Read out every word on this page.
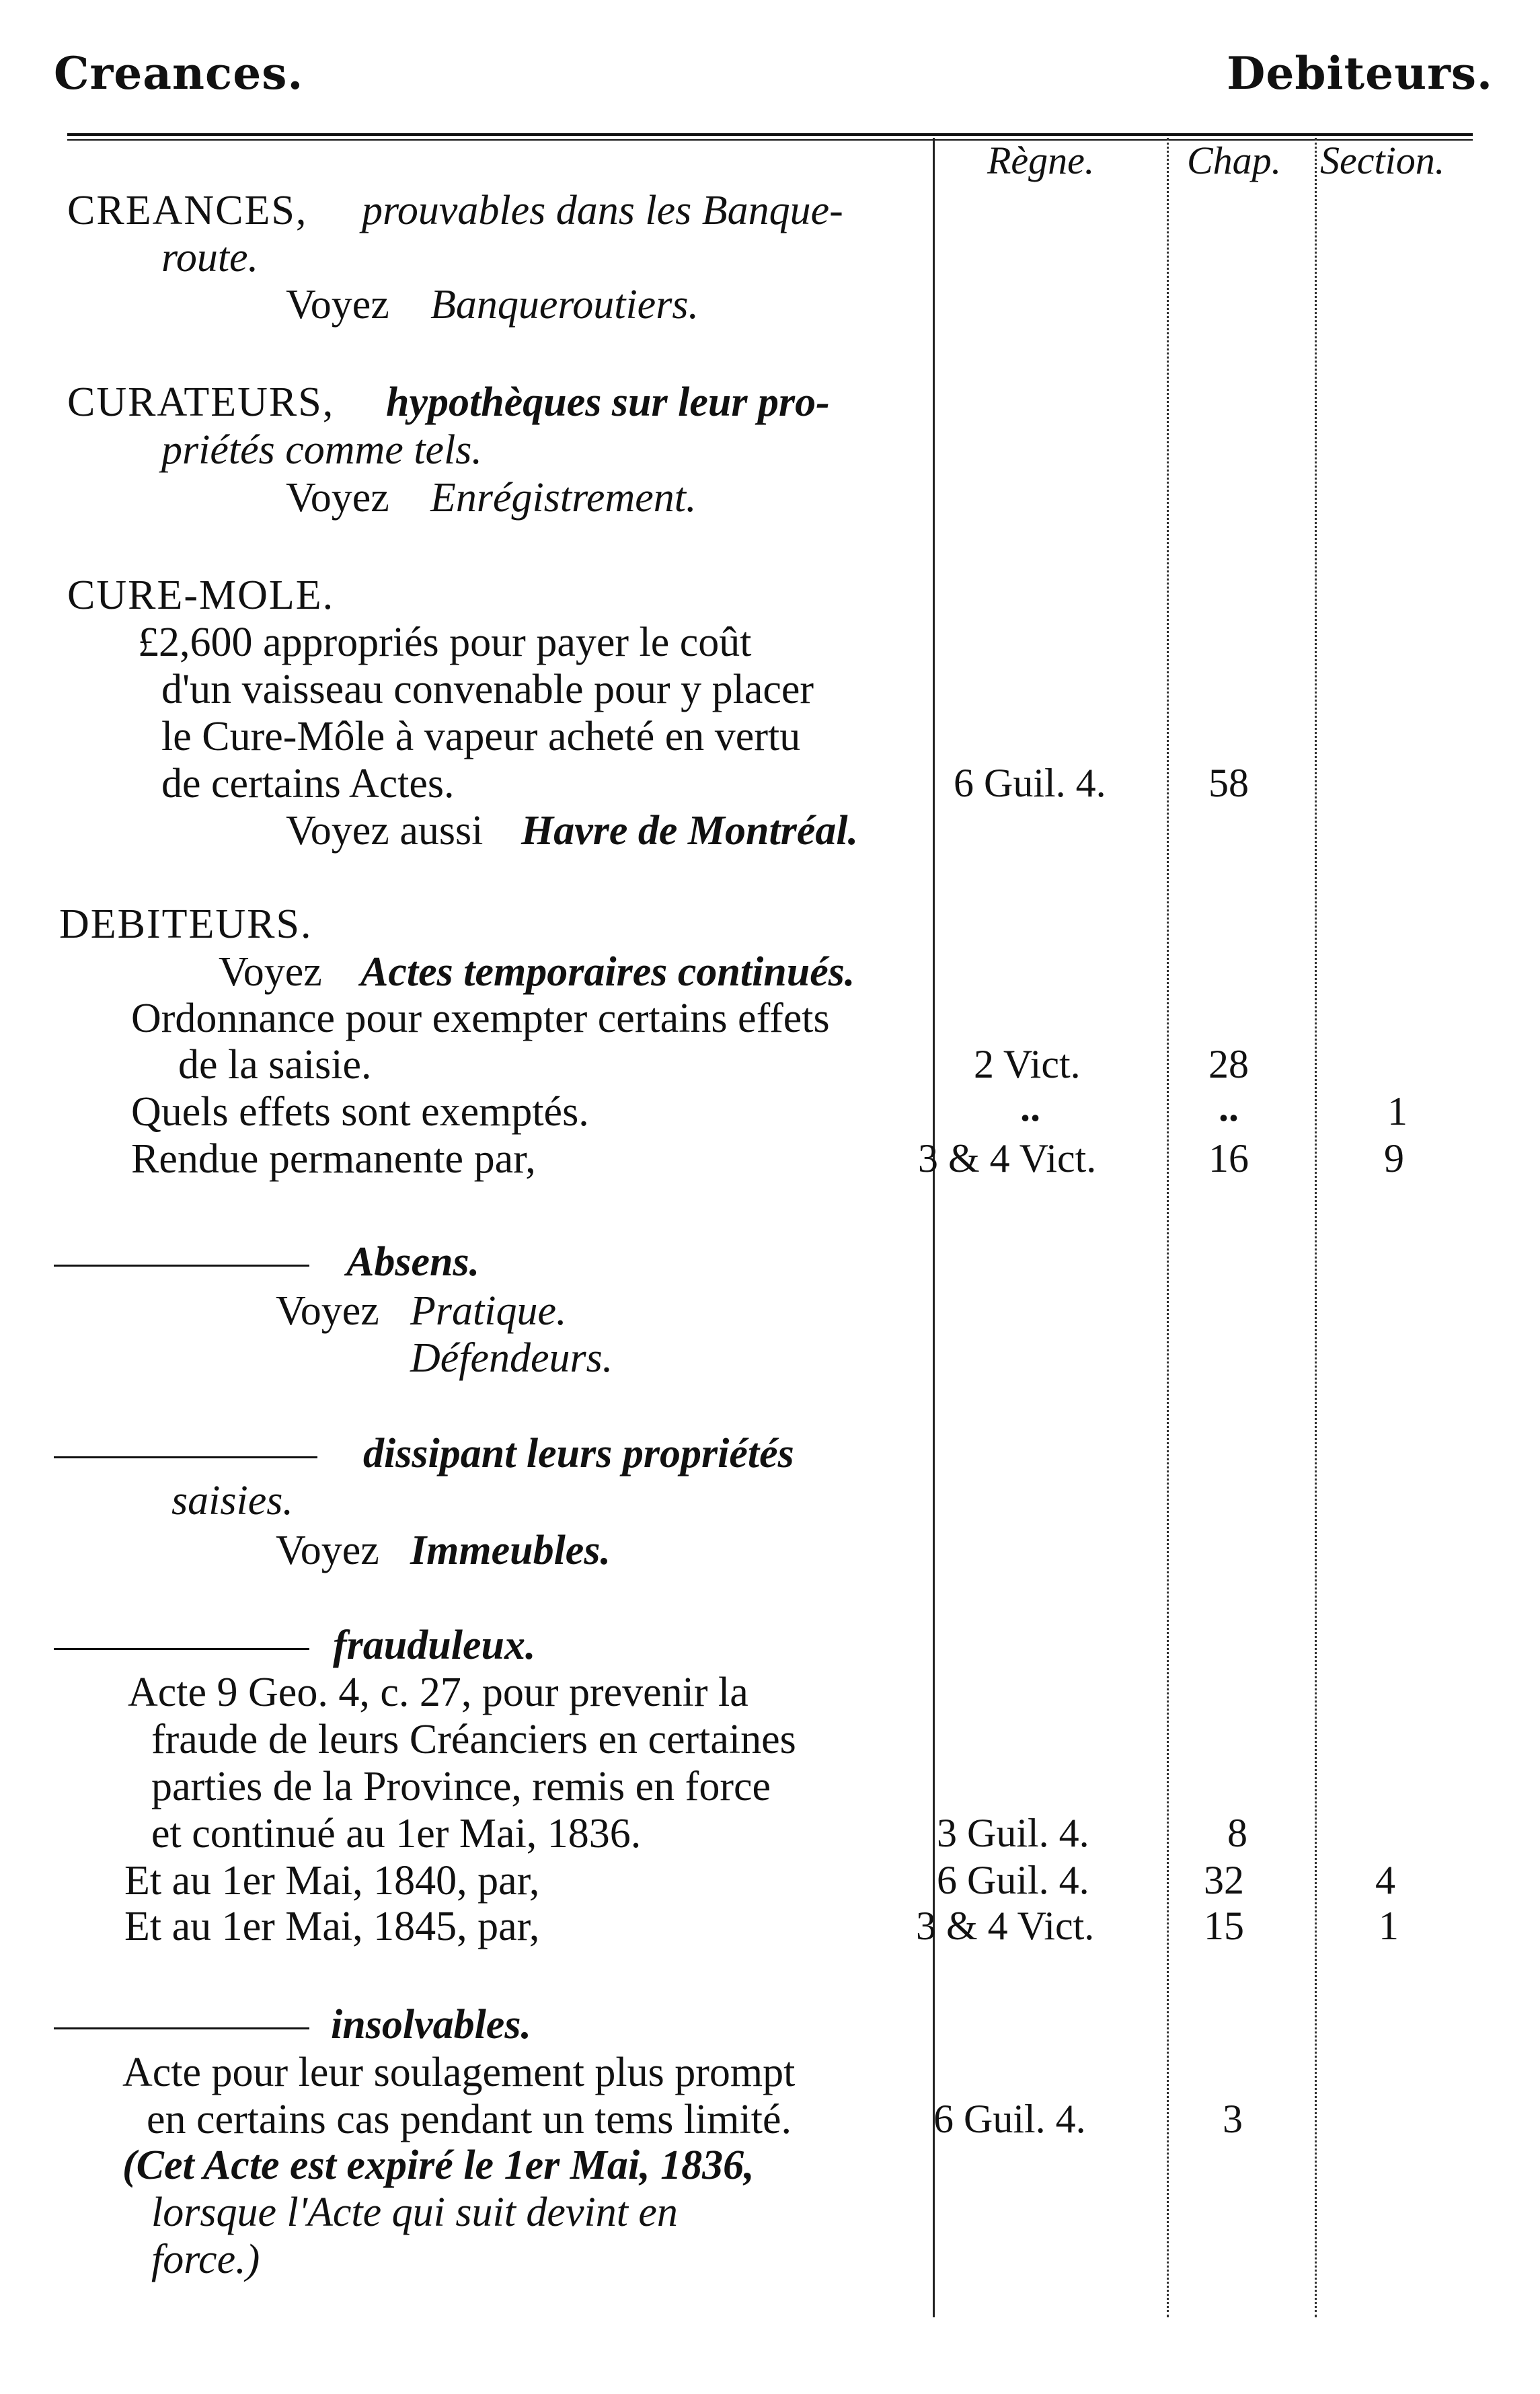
Creances.	Debiteurs.
Règne. Chap. Section.
CREANCES, prouvables dans les Banque-
route.
Voyez Banqueroutiers.
CURATEURS, hypothèques sur leur pro-
priétés comme tels.
Voyez Enrégistrement.
CURE-MOLE.
£2,600 appropriés pour payer le coût
d'un vaisseau convenable pour y placer
le Cure-Môle à vapeur acheté en vertu
de certains Actes.	6 Guil. 4.	58
Voyez aussi Havre de Montréal.
DEBITEURS.
Voyez Actes temporaires continués.
Ordonnance pour exempter certains effets
de la saisie.	2 Vict.	28
Quels effets sont exemptés.	..	..	1
Rendue permanente par,	3 & 4 Vict.	16	9
Absens.
Voyez Pratique.
Défendeurs.
dissipant leurs propriétés
saisies.
Voyez Immeubles.
frauduleux.
Acte 9 Geo. 4, c. 27, pour prevenir la
fraude de leurs Créanciers en certaines
parties de la Province, remis en force
et continué au 1er Mai, 1836.	3 Guil. 4.	8
Et au 1er Mai, 1840, par,	6 Guil. 4.	32	4
Et au 1er Mai, 1845, par,	3 & 4 Vict.	15	1
insolvables.
Acte pour leur soulagement plus prompt
en certains cas pendant un tems limité.	6 Guil. 4.	3
(Cet Acte est expiré le 1er Mai, 1836,
lorsque l'Acte qui suit devint en
force.)
